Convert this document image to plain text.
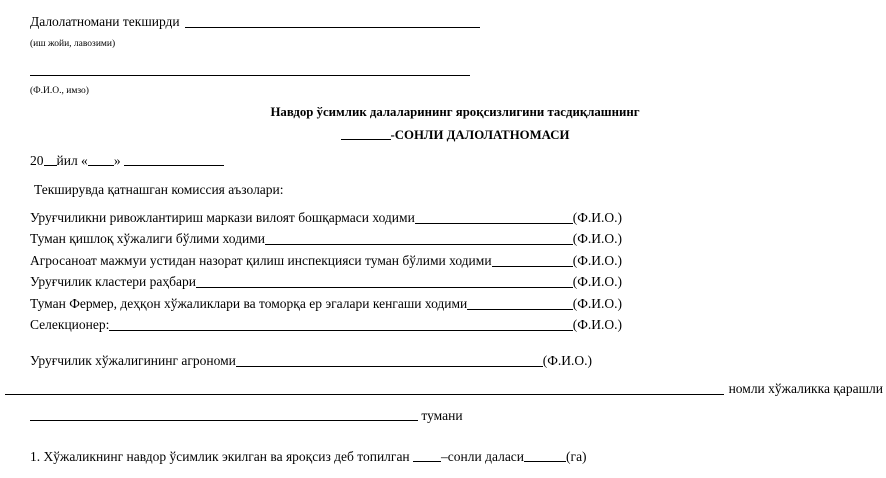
Далолатномани текширди
(иш жойи, лавозими)
(Ф.И.О., имзо)
Навдор ўсимлик далаларининг яроқсизлигини тасдиқлашнинг
-СОНЛИ ДАЛОЛАТНОМАСИ
20 йил « »
Текширувда қатнашган комиссия аъзолари:
Уруғчиликни ривожлантириш маркази вилоят бошқармаси ходими	(Ф.И.О.)
Туман қишлоқ хўжалиги бўлими ходими	(Ф.И.О.)
Агросаноат мажмуи устидан назорат қилиш инспекцияси туман бўлими ходими	(Ф.И.О.)
Уруғчилик кластери раҳбари	(Ф.И.О.)
Туман Фермер, деҳқон хўжаликлари ва томорқа ер эгалари кенгаши ходими	(Ф.И.О.)
Селекционер:	(Ф.И.О.)
Уруғчилик хўжалигининг агрономи	(Ф.И.О.)
номли хўжаликка қарашли
тумани
1. Хўжаликнинг навдор ўсимлик экилган ва яроқсиз деб топилган –сонли даласи	(га)
